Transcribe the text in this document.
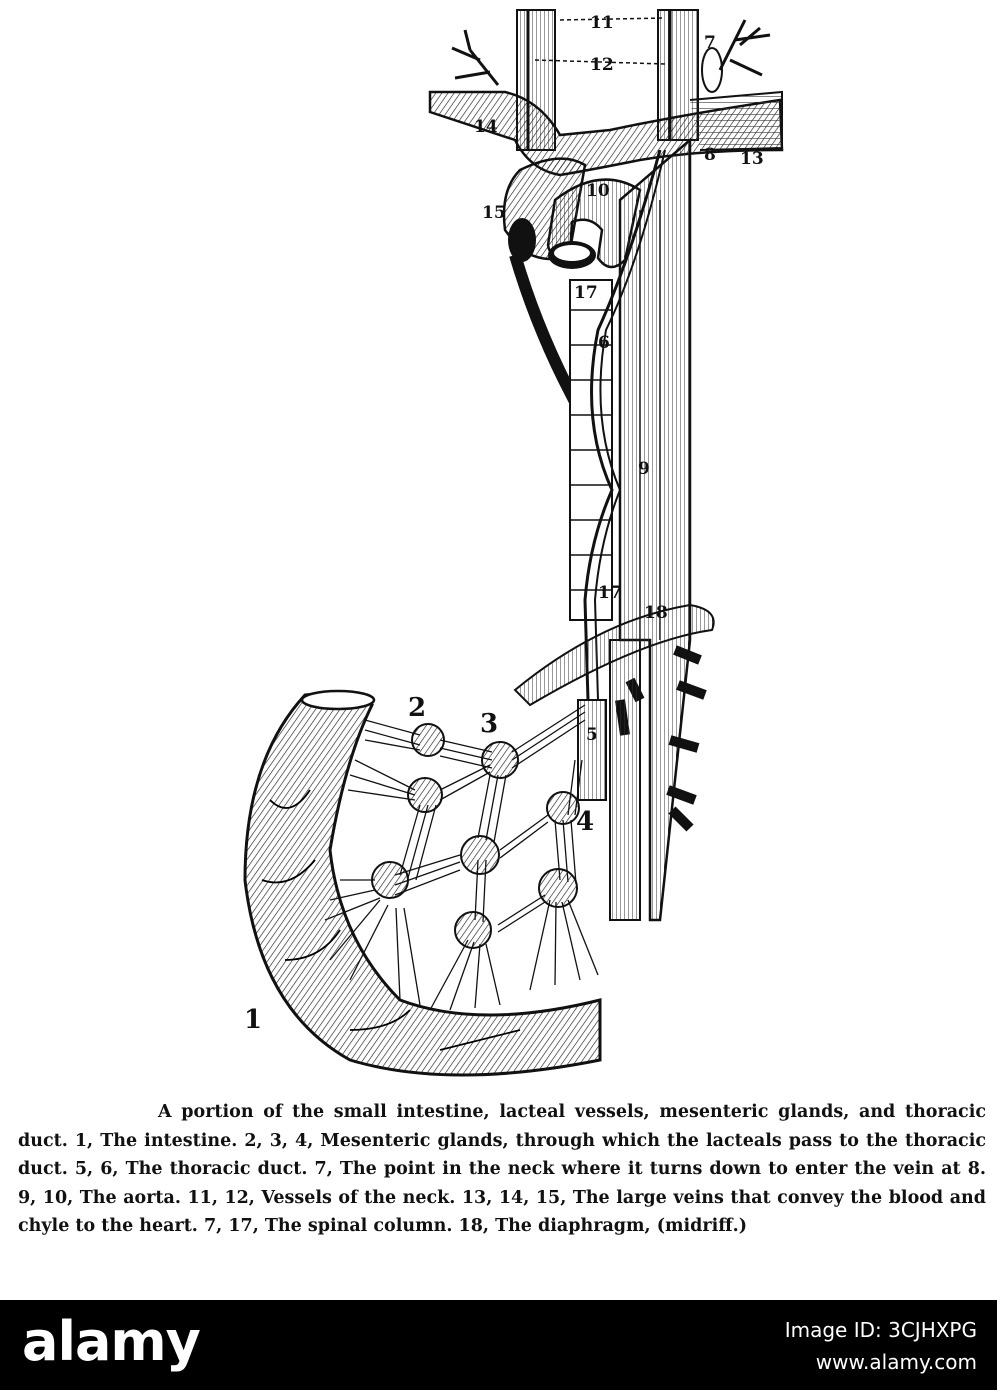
11
12
7
14
8 13
10
15
17
6
9
17
18
5
2
3
4
1
A portion of the small intestine, lacteal vessels, mesenteric glands, and thoracic duct. 1, The intestine. 2, 3, 4, Mesenteric glands, through which the lacteals pass to the thoracic duct. 5, 6, The thoracic duct. 7, The point in the neck where it turns down to enter the vein at 8. 9, 10, The aorta. 11, 12, Vessels of the neck. 13, 14, 15, The large veins that convey the blood and chyle to the heart. 7, 17, The spinal column. 18, The diaphragm, (midriff.)
alamy	Image ID: 3CJHXPG
www.alamy.com
